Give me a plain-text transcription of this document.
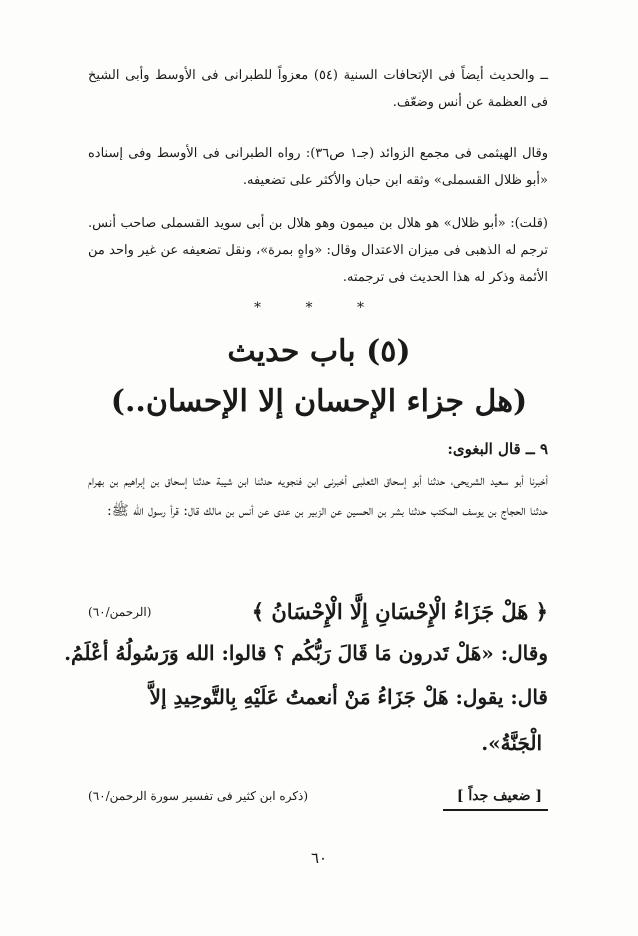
ــ والحديث أيضاً فى الإتحافات السنية (٥٤) معزواً للطبرانى فى الأوسط وأبى الشيخ فى العظمة عن أنس وضعّف.

وقال الهيثمى فى مجمع الزوائد (جـ١ ص٣٦): رواه الطبرانى فى الأوسط وفى إسناده «أبو ظلال القسملى» وثقه ابن حبان والأكثر على تضعيفه.

(قلت): «أبو ظلال» هو هلال بن ميمون وهو هلال بن أبى سويد القسملى صاحب أنس. ترجم له الذهبى فى ميزان الاعتدال وقال: «واهٍ بمرة»، ونقل تضعيفه عن غير واحد من الأئمة وذكر له هذا الحديث فى ترجمته.

* * *
(٥) باب حديث
(هل جزاء الإحسان إلا الإحسان..)
٩ ــ قال البغوى:

أخبرنا أبو سعيد الشريحى، حدثنا أبو إسحاق الثعلبى أخبرنى ابن فنجويه حدثنا ابن شيبة حدثنا إسحاق بن إبراهيم بن بهرام حدثنا الحجاج بن يوسف المكتب حدثنا بشر بن الحسين عن الزبير بن عدى عن أنس بن مالك قال: قرأ رسول الله ﷺ:

﴿ هَلْ جَزَاءُ الْإِحْسَانِ إِلَّا الْإِحْسَانُ ﴾
(الرحمن/٦٠)
وقال: «هَلْ تَدرون مَا قَالَ رَبُّكُم ؟ قالوا: الله وَرَسُولُهُ أعْلَمُ.
قال: يقول: هَلْ جَزَاءُ مَنْ أنعمتُ عَلَيْهِ بِالتَّوحِيدِ إلاَّ
الْجَنَّةُ».
[ ضعيف جداً ]
(ذكره ابن كثير فى تفسير سورة الرحمن/٦٠)
٦٠
